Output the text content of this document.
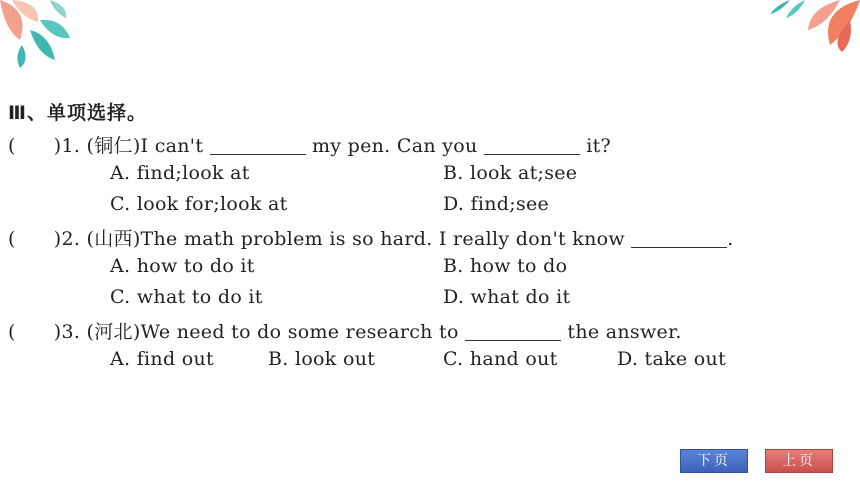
Ⅲ、单项选择。
( )1. (铜仁)I can't	my pen. Can you	it?
A. find;look at	B. look at;see
C. look for;look at	D. find;see
( )2. (山西)The math problem is so hard. I really don't know	.
A. how to do it	B. how to do
C. what to do it	D. what do it
( )3. (河北)We need to do some research to	the answer.
A. find out	B. look out	C. hand out	D. take out
下页	上页
